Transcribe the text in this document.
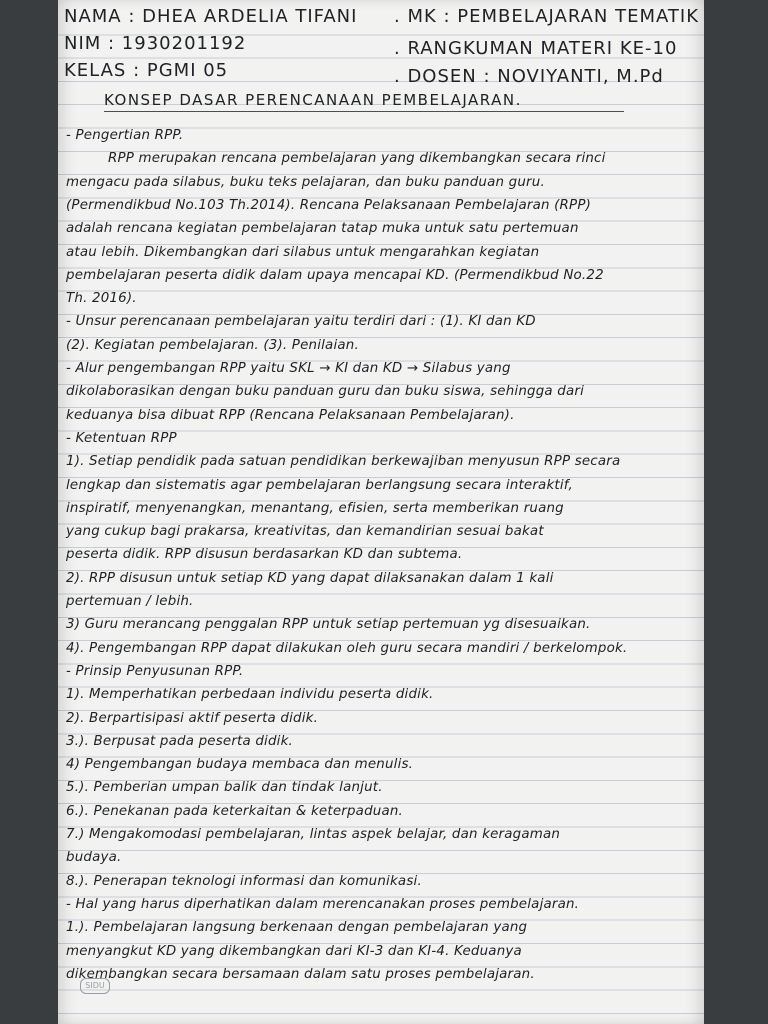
NAMA : DHEA ARDELIA TIFANI	. MK : PEMBELAJARAN TEMATIK
NIM : 1930201192	. RANGKUMAN MATERI KE-10
KELAS : PGMI 05	. DOSEN : NOVIYANTI, M.Pd
KONSEP DASAR PERENCANAAN PEMBELAJARAN.
- Pengertian RPP.
RPP merupakan rencana pembelajaran yang dikembangkan secara rinci
mengacu pada silabus, buku teks pelajaran, dan buku panduan guru.
(Permendikbud No.103 Th.2014). Rencana Pelaksanaan Pembelajaran (RPP)
adalah rencana kegiatan pembelajaran tatap muka untuk satu pertemuan
atau lebih. Dikembangkan dari silabus untuk mengarahkan kegiatan
pembelajaran peserta didik dalam upaya mencapai KD. (Permendikbud No.22
Th. 2016).
- Unsur perencanaan pembelajaran yaitu terdiri dari : (1). KI dan KD
(2). Kegiatan pembelajaran. (3). Penilaian.
- Alur pengembangan RPP yaitu SKL → KI dan KD → Silabus yang
dikolaborasikan dengan buku panduan guru dan buku siswa, sehingga dari
keduanya bisa dibuat RPP (Rencana Pelaksanaan Pembelajaran).
- Ketentuan RPP
1). Setiap pendidik pada satuan pendidikan berkewajiban menyusun RPP secara
lengkap dan sistematis agar pembelajaran berlangsung secara interaktif,
inspiratif, menyenangkan, menantang, efisien, serta memberikan ruang
yang cukup bagi prakarsa, kreativitas, dan kemandirian sesuai bakat
peserta didik. RPP disusun berdasarkan KD dan subtema.
2). RPP disusun untuk setiap KD yang dapat dilaksanakan dalam 1 kali
pertemuan / lebih.
3) Guru merancang penggalan RPP untuk setiap pertemuan yg disesuaikan.
4). Pengembangan RPP dapat dilakukan oleh guru secara mandiri / berkelompok.
- Prinsip Penyusunan RPP.
1). Memperhatikan perbedaan individu peserta didik.
2). Berpartisipasi aktif peserta didik.
3.). Berpusat pada peserta didik.
4) Pengembangan budaya membaca dan menulis.
5.). Pemberian umpan balik dan tindak lanjut.
6.). Penekanan pada keterkaitan & keterpaduan.
7.) Mengakomodasi pembelajaran, lintas aspek belajar, dan keragaman
budaya.
8.). Penerapan teknologi informasi dan komunikasi.
- Hal yang harus diperhatikan dalam merencanakan proses pembelajaran.
1.). Pembelajaran langsung berkenaan dengan pembelajaran yang
menyangkut KD yang dikembangkan dari KI-3 dan KI-4. Keduanya
dikembangkan secara bersamaan dalam satu proses pembelajaran.
SIDU
